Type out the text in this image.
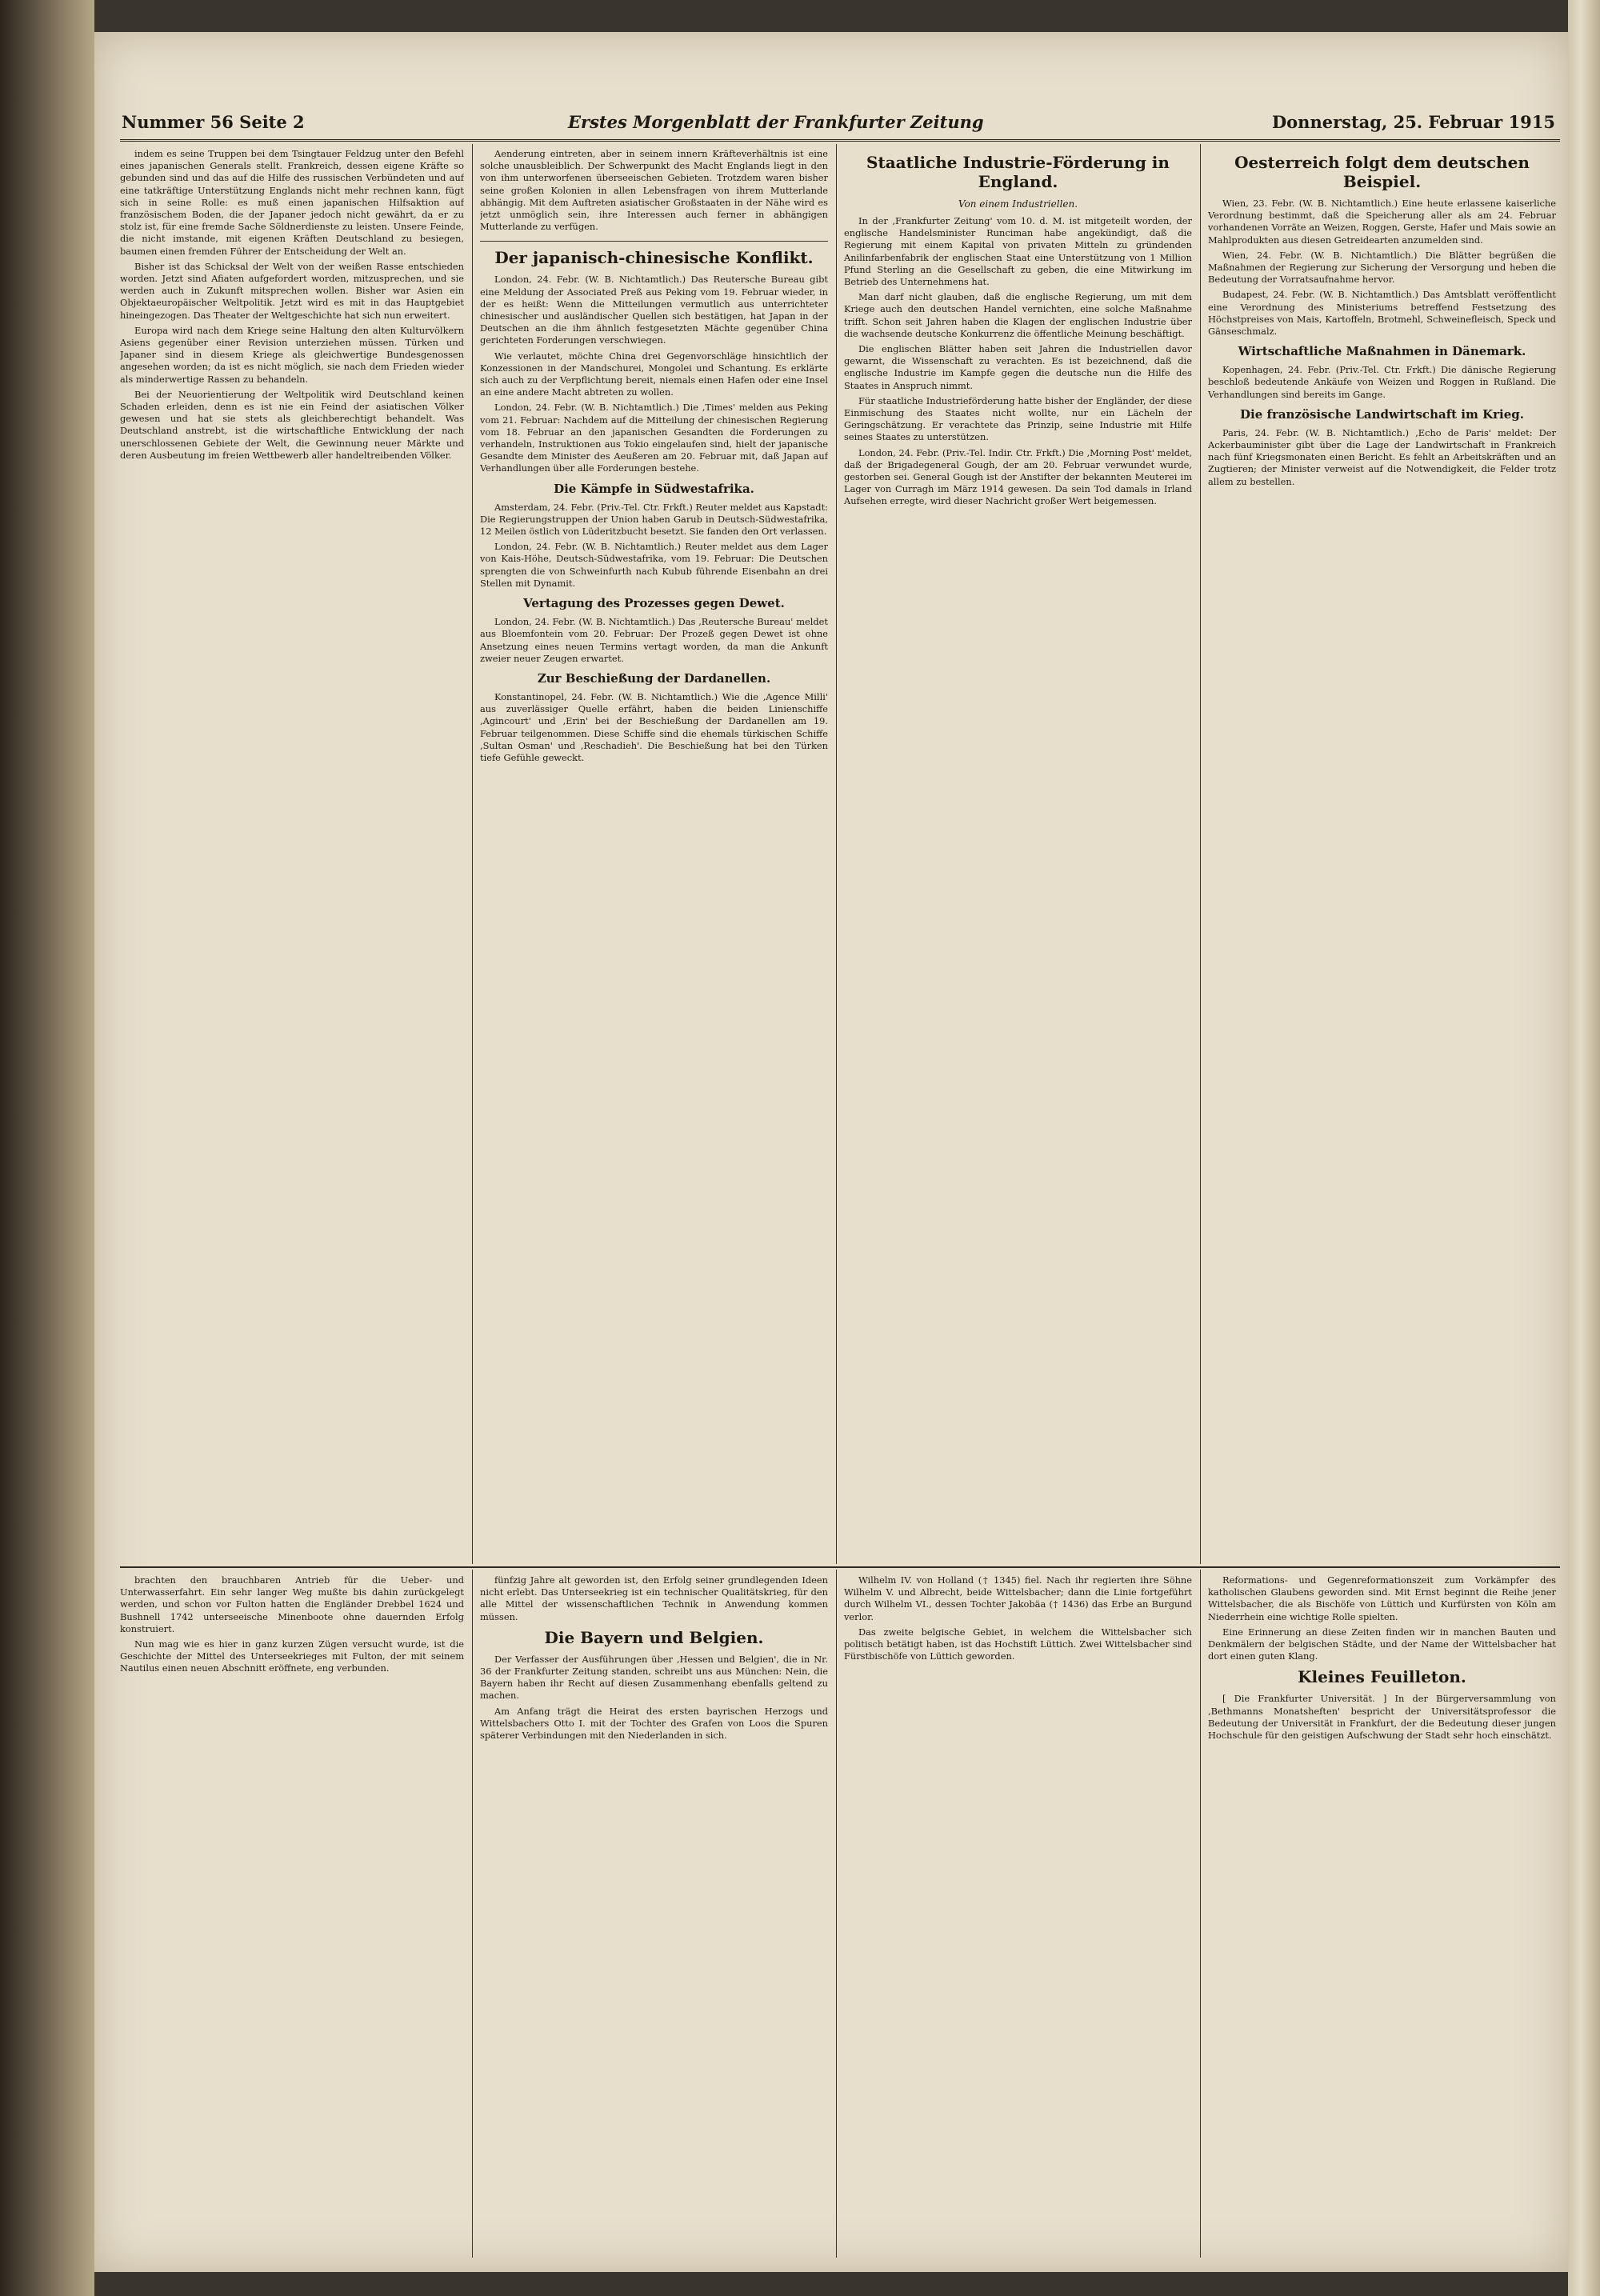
Nummer 56 Seite 2	Erstes Morgenblatt der Frankfurter Zeitung	Donnerstag, 25. Februar 1915

indem es seine Truppen bei dem Tsingtauer Feldzug unter den Befehl eines japanischen Generals stellt. Frankreich, dessen eigene Kräfte so gebunden sind und das auf die Hilfe des russischen Verbündeten und auf eine tatkräftige Unterstützung Englands nicht mehr rechnen kann, fügt sich in seine Rolle: es muß einen japanischen Hilfsaktion auf französischem Boden, die der Japaner jedoch nicht gewährt, da er zu stolz ist, für eine fremde Sache Söldnerdienste zu leisten. Unsere Feinde, die nicht imstande, mit eigenen Kräften Deutschland zu besiegen, baumen einen fremden Führer der Entscheidung der Welt an.

Bisher ist das Schicksal der Welt von der weißen Rasse entschieden worden. Jetzt sind Afiaten aufgefordert worden, mitzusprechen, und sie werden auch in Zukunft mitsprechen wollen. Bisher war Asien ein Objektaeuropäischer Weltpolitik. Jetzt wird es mit in das Hauptgebiet hineingezogen. Das Theater der Weltgeschichte hat sich nun erweitert.

Europa wird nach dem Kriege seine Haltung den alten Kulturvölkern Asiens gegenüber einer Revision unterziehen müssen. Türken und Japaner sind in diesem Kriege als gleichwertige Bundesgenossen angesehen worden; da ist es nicht möglich, sie nach dem Frieden wieder als minderwertige Rassen zu behandeln.

Bei der Neuorientierung der Weltpolitik wird Deutschland keinen Schaden erleiden, denn es ist nie ein Feind der asiatischen Völker gewesen und hat sie stets als gleichberechtigt behandelt. Was Deutschland anstrebt, ist die wirtschaftliche Entwicklung der nach unerschlossenen Gebiete der Welt, die Gewinnung neuer Märkte und deren Ausbeutung im freien Wettbewerb aller handeltreibenden Völker.

Aenderung eintreten, aber in seinem innern Kräfteverhältnis ist eine solche unausbleiblich. Der Schwerpunkt des Macht Englands liegt in den von ihm unterworfenen überseeischen Gebieten. Trotzdem waren bisher seine großen Kolonien in allen Lebensfragen von ihrem Mutterlande abhängig. Mit dem Auftreten asiatischer Großstaaten in der Nähe wird es jetzt unmöglich sein, ihre Interessen auch ferner in abhängigen Mutterlande zu verfügen.

Der japanisch-chinesische Konflikt.

London, 24. Febr. (W. B. Nichtamtlich.) Das Reutersche Bureau gibt eine Meldung der Associated Preß aus Peking vom 19. Februar wieder, in der es heißt: Wenn die Mitteilungen vermutlich aus unterrichteter chinesischer und ausländischer Quellen sich bestätigen, hat Japan in der Deutschen an die ihm ähnlich festgesetzten Mächte gegenüber China gerichteten Forderungen verschwiegen.

Wie verlautet, möchte China drei Gegenvorschläge hinsichtlich der Konzessionen in der Mandschurei, Mongolei und Schantung. Es erklärte sich auch zu der Verpflichtung bereit, niemals einen Hafen oder eine Insel an eine andere Macht abtreten zu wollen.

London, 24. Febr. (W. B. Nichtamtlich.) Die ‚Times' melden aus Peking vom 21. Februar: Nachdem auf die Mitteilung der chinesischen Regierung vom 18. Februar an den japanischen Gesandten die Forderungen zu verhandeln, Instruktionen aus Tokio eingelaufen sind, hielt der japanische Gesandte dem Minister des Aeußeren am 20. Februar mit, daß Japan auf Verhandlungen über alle Forderungen bestehe.

Die Kämpfe in Südwestafrika.

Amsterdam, 24. Febr. (Priv.-Tel. Ctr. Frkft.) Reuter meldet aus Kapstadt: Die Regierungstruppen der Union haben Garub in Deutsch-Südwestafrika, 12 Meilen östlich von Lüderitzbucht besetzt. Sie fanden den Ort verlassen.

London, 24. Febr. (W. B. Nichtamtlich.) Reuter meldet aus dem Lager von Kais-Höhe, Deutsch-Südwestafrika, vom 19. Februar: Die Deutschen sprengten die von Schweinfurth nach Kubub führende Eisenbahn an drei Stellen mit Dynamit.

Vertagung des Prozesses gegen Dewet.

London, 24. Febr. (W. B. Nichtamtlich.) Das ‚Reutersche Bureau' meldet aus Bloemfontein vom 20. Februar: Der Prozeß gegen Dewet ist ohne Ansetzung eines neuen Termins vertagt worden, da man die Ankunft zweier neuer Zeugen erwartet.

Zur Beschießung der Dardanellen.

Konstantinopel, 24. Febr. (W. B. Nichtamtlich.) Wie die ‚Agence Milli' aus zuverlässiger Quelle erfährt, haben die beiden Linienschiffe ‚Agincourt' und ‚Erin' bei der Beschießung der Dardanellen am 19. Februar teilgenommen. Diese Schiffe sind die ehemals türkischen Schiffe ‚Sultan Osman' und ‚Reschadieh'. Die Beschießung hat bei den Türken tiefe Gefühle geweckt.

Staatliche Industrie-Förderung in England.
Von einem Industriellen.

In der ‚Frankfurter Zeitung' vom 10. d. M. ist mitgeteilt worden, der englische Handelsminister Runciman habe angekündigt, daß die Regierung mit einem Kapital von privaten Mitteln zu gründenden Anilinfarbenfabrik der englischen Staat eine Unterstützung von 1 Million Pfund Sterling an die Gesellschaft zu geben, die eine Mitwirkung im Betrieb des Unternehmens hat.

Man darf nicht glauben, daß die englische Regierung, um mit dem Kriege auch den deutschen Handel vernichten, eine solche Maßnahme trifft. Schon seit Jahren haben die Klagen der englischen Industrie über die wachsende deutsche Konkurrenz die öffentliche Meinung beschäftigt.

Die englischen Blätter haben seit Jahren die Industriellen davor gewarnt, die Wissenschaft zu verachten. Es ist bezeichnend, daß die englische Industrie im Kampfe gegen die deutsche nun die Hilfe des Staates in Anspruch nimmt.

Für staatliche Industrieförderung hatte bisher der Engländer, der diese Einmischung des Staates nicht wollte, nur ein Lächeln der Geringschätzung. Er verachtete das Prinzip, seine Industrie mit Hilfe seines Staates zu unterstützen.

London, 24. Febr. (Priv.-Tel. Indir. Ctr. Frkft.) Die ‚Morning Post' meldet, daß der Brigadegeneral Gough, der am 20. Februar verwundet wurde, gestorben sei. General Gough ist der Anstifter der bekannten Meuterei im Lager von Curragh im März 1914 gewesen. Da sein Tod damals in Irland Aufsehen erregte, wird dieser Nachricht großer Wert beigemessen.

Oesterreich folgt dem deutschen Beispiel.

Wien, 23. Febr. (W. B. Nichtamtlich.) Eine heute erlassene kaiserliche Verordnung bestimmt, daß die Speicherung aller als am 24. Februar vorhandenen Vorräte an Weizen, Roggen, Gerste, Hafer und Mais sowie an Mahlprodukten aus diesen Getreidearten anzumelden sind.

Wien, 24. Febr. (W. B. Nichtamtlich.) Die Blätter begrüßen die Maßnahmen der Regierung zur Sicherung der Versorgung und heben die Bedeutung der Vorratsaufnahme hervor.

Budapest, 24. Febr. (W. B. Nichtamtlich.) Das Amtsblatt veröffentlicht eine Verordnung des Ministeriums betreffend Festsetzung des Höchstpreises von Mais, Kartoffeln, Brotmehl, Schweinefleisch, Speck und Gänseschmalz.

Wirtschaftliche Maßnahmen in Dänemark.

Kopenhagen, 24. Febr. (Priv.-Tel. Ctr. Frkft.) Die dänische Regierung beschloß bedeutende Ankäufe von Weizen und Roggen in Rußland. Die Verhandlungen sind bereits im Gange.

Die französische Landwirtschaft im Krieg.

Paris, 24. Febr. (W. B. Nichtamtlich.) ‚Echo de Paris' meldet: Der Ackerbauminister gibt über die Lage der Landwirtschaft in Frankreich nach fünf Kriegsmonaten einen Bericht. Es fehlt an Arbeitskräften und an Zugtieren; der Minister verweist auf die Notwendigkeit, die Felder trotz allem zu bestellen.

brachten den brauchbaren Antrieb für die Ueber- und Unterwasserfahrt. Ein sehr langer Weg mußte bis dahin zurückgelegt werden, und schon vor Fulton hatten die Engländer Drebbel 1624 und Bushnell 1742 unterseeische Minenboote ohne dauernden Erfolg konstruiert.

Nun mag wie es hier in ganz kurzen Zügen versucht wurde, ist die Geschichte der Mittel des Unterseekrieges mit Fulton, der mit seinem Nautilus einen neuen Abschnitt eröffnete, eng verbunden.

fünfzig Jahre alt geworden ist, den Erfolg seiner grundlegenden Ideen nicht erlebt. Das Unterseekrieg ist ein technischer Qualitätskrieg, für den alle Mittel der wissenschaftlichen Technik in Anwendung kommen müssen.

Die Bayern und Belgien.

Der Verfasser der Ausführungen über ‚Hessen und Belgien', die in Nr. 36 der Frankfurter Zeitung standen, schreibt uns aus München: Nein, die Bayern haben ihr Recht auf diesen Zusammenhang ebenfalls geltend zu machen.

Am Anfang trägt die Heirat des ersten bayrischen Herzogs und Wittelsbachers Otto I. mit der Tochter des Grafen von Loos die Spuren späterer Verbindungen mit den Niederlanden in sich.

Wilhelm IV. von Holland († 1345) fiel. Nach ihr regierten ihre Söhne Wilhelm V. und Albrecht, beide Wittelsbacher; dann die Linie fortgeführt durch Wilhelm VI., dessen Tochter Jakobäa († 1436) das Erbe an Burgund verlor.

Das zweite belgische Gebiet, in welchem die Wittelsbacher sich politisch betätigt haben, ist das Hochstift Lüttich. Zwei Wittelsbacher sind Fürstbischöfe von Lüttich geworden.

Reformations- und Gegenreformationszeit zum Vorkämpfer des katholischen Glaubens geworden sind. Mit Ernst beginnt die Reihe jener Wittelsbacher, die als Bischöfe von Lüttich und Kurfürsten von Köln am Niederrhein eine wichtige Rolle spielten.

Eine Erinnerung an diese Zeiten finden wir in manchen Bauten und Denkmälern der belgischen Städte, und der Name der Wittelsbacher hat dort einen guten Klang.

Kleines Feuilleton.

[ Die Frankfurter Universität. ] In der Bürgerversammlung von ‚Bethmanns Monatsheften' bespricht der Universitätsprofessor die Bedeutung der Universität in Frankfurt, der die Bedeutung dieser jungen Hochschule für den geistigen Aufschwung der Stadt sehr hoch einschätzt.
